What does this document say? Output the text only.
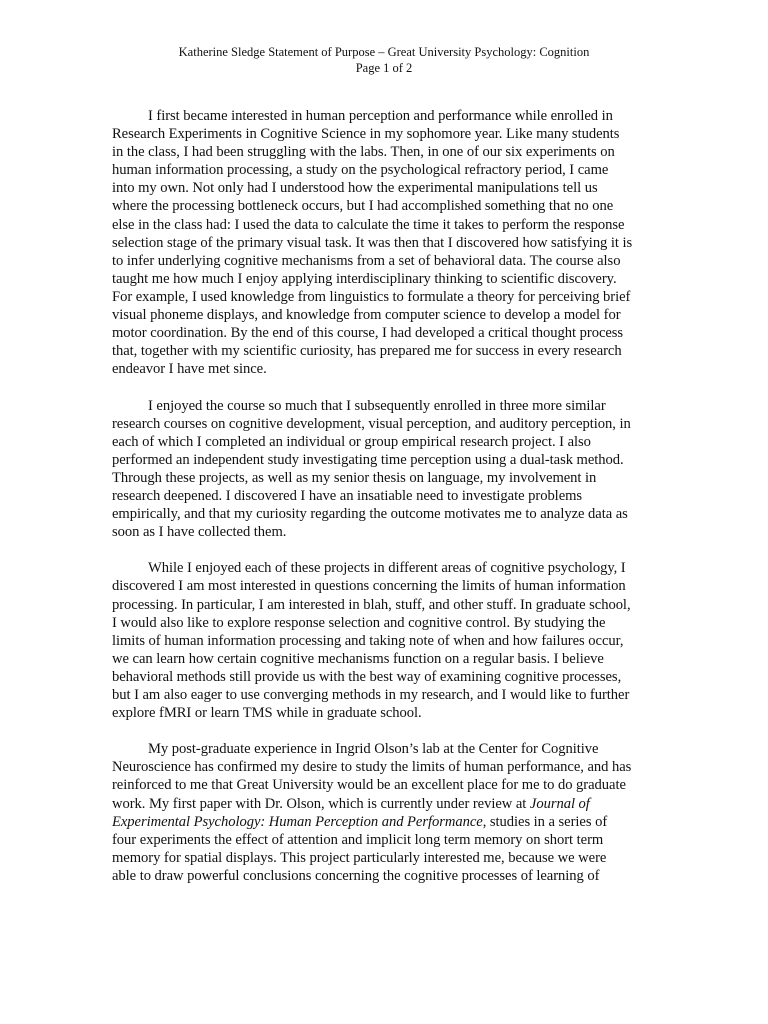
Katherine Sledge Statement of Purpose – Great University Psychology: Cognition
Page 1 of 2
I first became interested in human perception and performance while enrolled in
Research Experiments in Cognitive Science in my sophomore year. Like many students
in the class, I had been struggling with the labs. Then, in one of our six experiments on
human information processing, a study on the psychological refractory period, I came
into my own. Not only had I understood how the experimental manipulations tell us
where the processing bottleneck occurs, but I had accomplished something that no one
else in the class had: I used the data to calculate the time it takes to perform the response
selection stage of the primary visual task. It was then that I discovered how satisfying it is
to infer underlying cognitive mechanisms from a set of behavioral data. The course also
taught me how much I enjoy applying interdisciplinary thinking to scientific discovery.
For example, I used knowledge from linguistics to formulate a theory for perceiving brief
visual phoneme displays, and knowledge from computer science to develop a model for
motor coordination. By the end of this course, I had developed a critical thought process
that, together with my scientific curiosity, has prepared me for success in every research
endeavor I have met since.
I enjoyed the course so much that I subsequently enrolled in three more similar
research courses on cognitive development, visual perception, and auditory perception, in
each of which I completed an individual or group empirical research project. I also
performed an independent study investigating time perception using a dual-task method.
Through these projects, as well as my senior thesis on language, my involvement in
research deepened. I discovered I have an insatiable need to investigate problems
empirically, and that my curiosity regarding the outcome motivates me to analyze data as
soon as I have collected them.
While I enjoyed each of these projects in different areas of cognitive psychology, I
discovered I am most interested in questions concerning the limits of human information
processing. In particular, I am interested in blah, stuff, and other stuff. In graduate school,
I would also like to explore response selection and cognitive control. By studying the
limits of human information processing and taking note of when and how failures occur,
we can learn how certain cognitive mechanisms function on a regular basis. I believe
behavioral methods still provide us with the best way of examining cognitive processes,
but I am also eager to use converging methods in my research, and I would like to further
explore fMRI or learn TMS while in graduate school.
My post-graduate experience in Ingrid Olson’s lab at the Center for Cognitive
Neuroscience has confirmed my desire to study the limits of human performance, and has
reinforced to me that Great University would be an excellent place for me to do graduate
work. My first paper with Dr. Olson, which is currently under review at Journal of
Experimental Psychology: Human Perception and Performance, studies in a series of
four experiments the effect of attention and implicit long term memory on short term
memory for spatial displays. This project particularly interested me, because we were
able to draw powerful conclusions concerning the cognitive processes of learning of
